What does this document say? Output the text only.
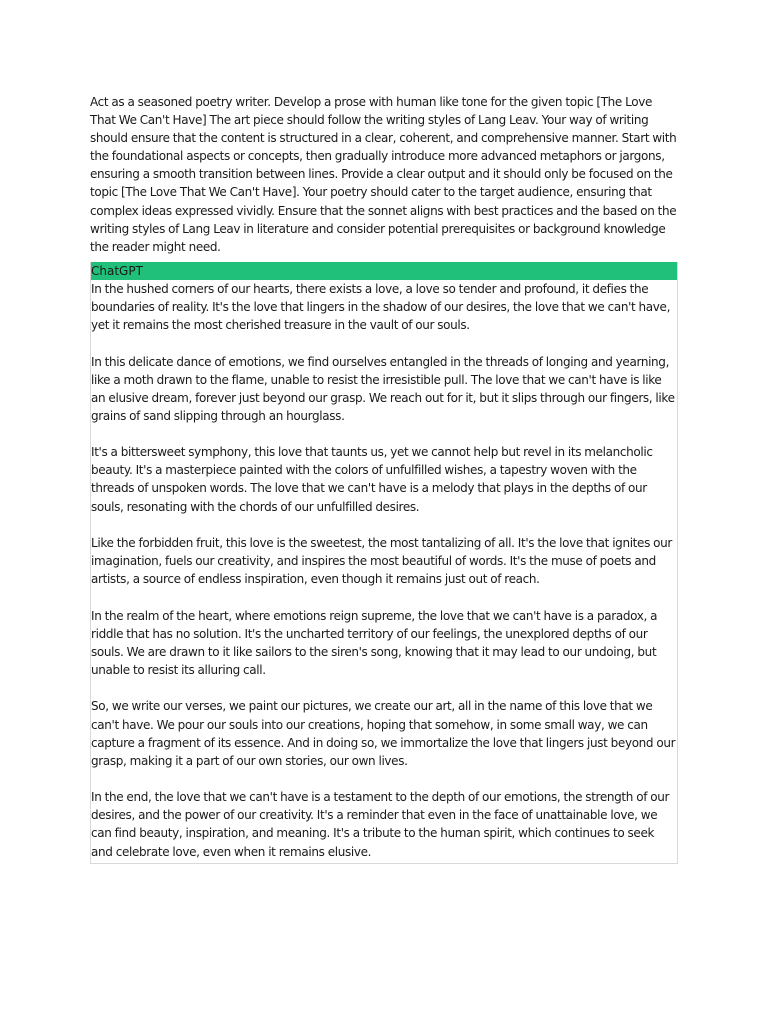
Act as a seasoned poetry writer. Develop a prose with human like tone for the given topic [The Love That We Can't Have] The art piece should follow the writing styles of Lang Leav. Your way of writing should ensure that the content is structured in a clear, coherent, and comprehensive manner. Start with the foundational aspects or concepts, then gradually introduce more advanced metaphors or jargons, ensuring a smooth transition between lines. Provide a clear output and it should only be focused on the topic [The Love That We Can't Have]. Your poetry should cater to the target audience, ensuring that complex ideas expressed vividly. Ensure that the sonnet aligns with best practices and the based on the writing styles of Lang Leav in literature and consider potential prerequisites or background knowledge the reader might need.

ChatGPT

In the hushed corners of our hearts, there exists a love, a love so tender and profound, it defies the boundaries of reality. It's the love that lingers in the shadow of our desires, the love that we can't have, yet it remains the most cherished treasure in the vault of our souls.

In this delicate dance of emotions, we find ourselves entangled in the threads of longing and yearning, like a moth drawn to the flame, unable to resist the irresistible pull. The love that we can't have is like an elusive dream, forever just beyond our grasp. We reach out for it, but it slips through our fingers, like grains of sand slipping through an hourglass.

It's a bittersweet symphony, this love that taunts us, yet we cannot help but revel in its melancholic beauty. It's a masterpiece painted with the colors of unfulfilled wishes, a tapestry woven with the threads of unspoken words. The love that we can't have is a melody that plays in the depths of our souls, resonating with the chords of our unfulfilled desires.

Like the forbidden fruit, this love is the sweetest, the most tantalizing of all. It's the love that ignites our imagination, fuels our creativity, and inspires the most beautiful of words. It's the muse of poets and artists, a source of endless inspiration, even though it remains just out of reach.

In the realm of the heart, where emotions reign supreme, the love that we can't have is a paradox, a riddle that has no solution. It's the uncharted territory of our feelings, the unexplored depths of our souls. We are drawn to it like sailors to the siren's song, knowing that it may lead to our undoing, but unable to resist its alluring call.

So, we write our verses, we paint our pictures, we create our art, all in the name of this love that we can't have. We pour our souls into our creations, hoping that somehow, in some small way, we can capture a fragment of its essence. And in doing so, we immortalize the love that lingers just beyond our grasp, making it a part of our own stories, our own lives.

In the end, the love that we can't have is a testament to the depth of our emotions, the strength of our desires, and the power of our creativity. It's a reminder that even in the face of unattainable love, we can find beauty, inspiration, and meaning. It's a tribute to the human spirit, which continues to seek and celebrate love, even when it remains elusive.
